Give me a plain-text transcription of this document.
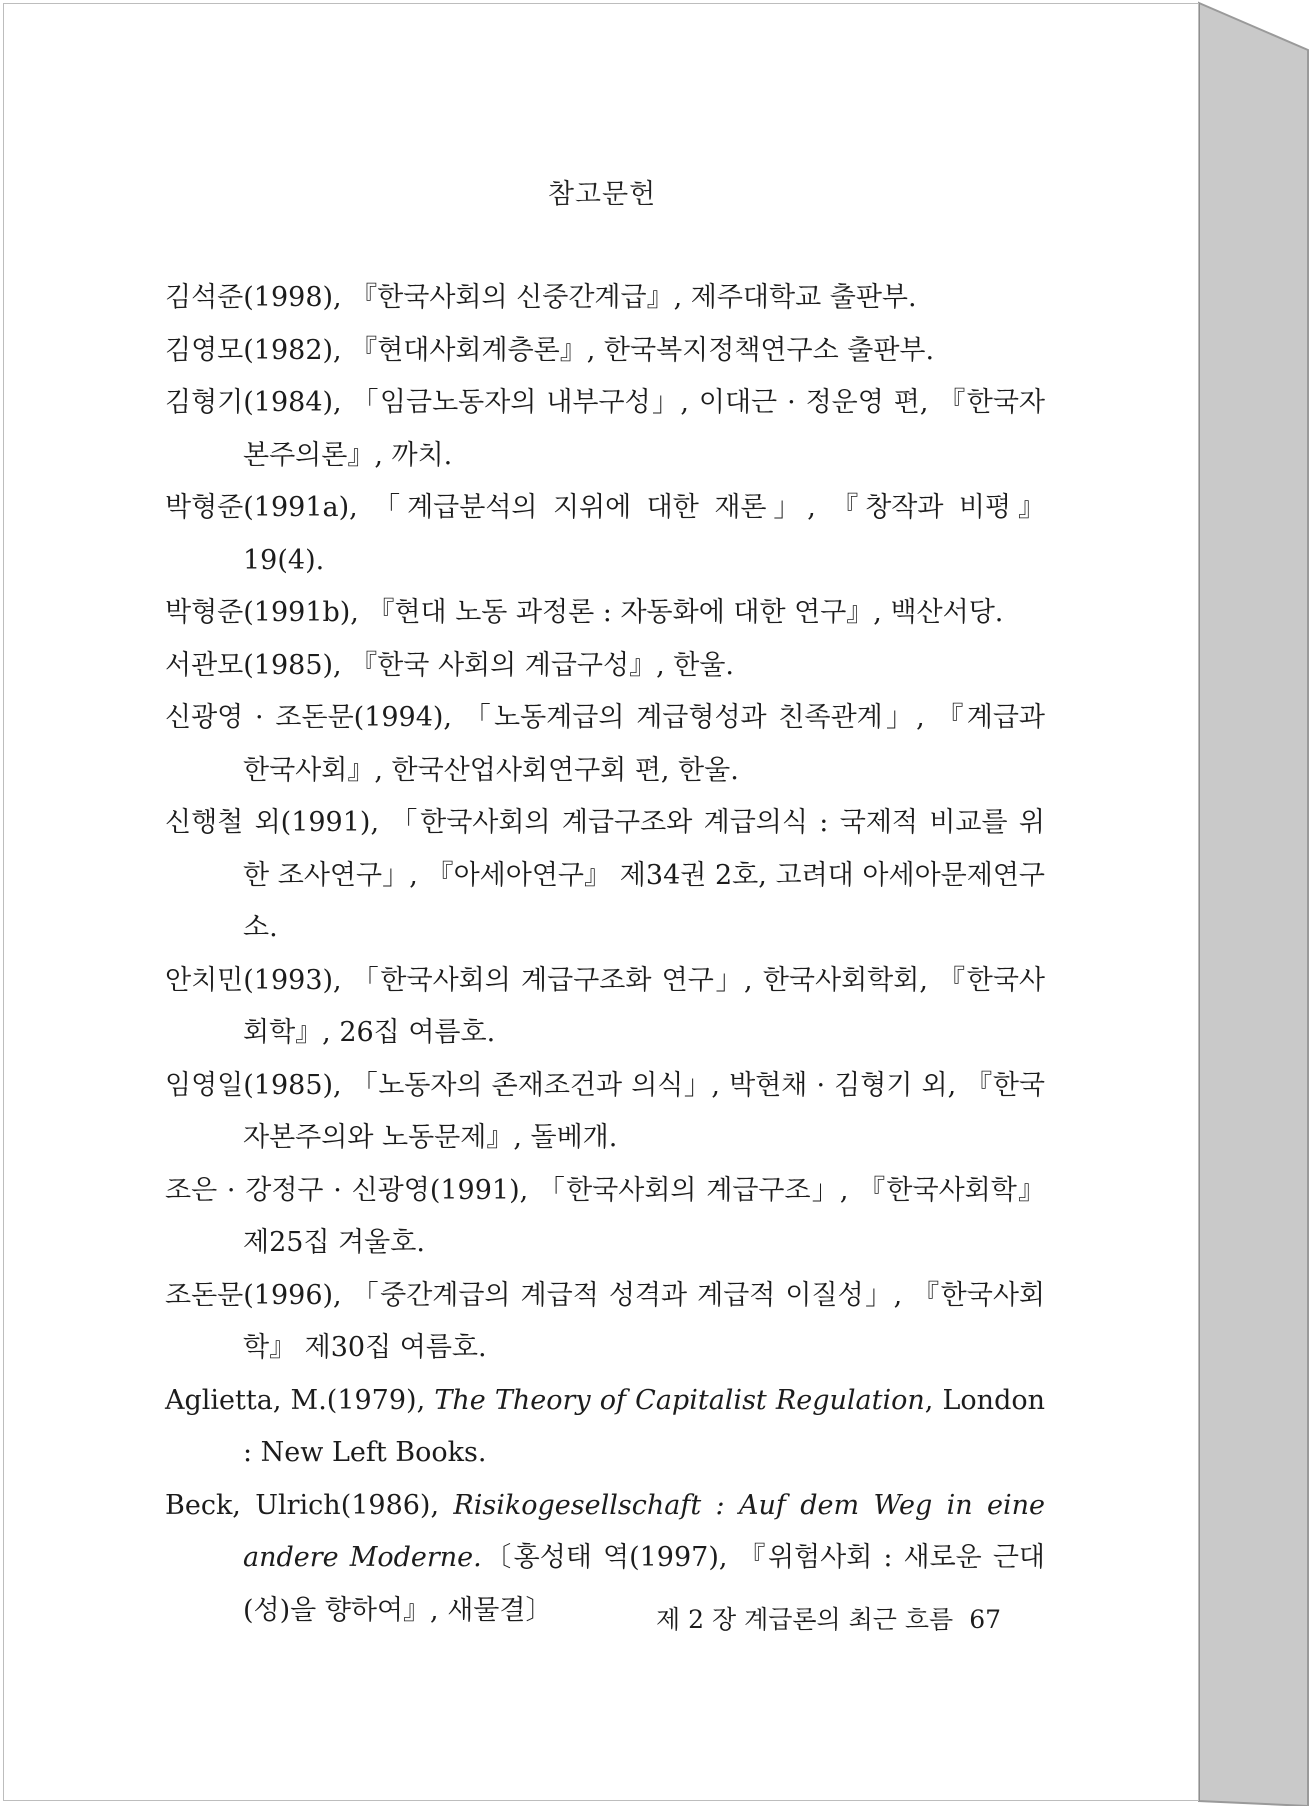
참고문헌
김석준(1998), 『한국사회의 신중간계급』, 제주대학교 출판부.
김영모(1982), 『현대사회계층론』, 한국복지정책연구소 출판부.
김형기(1984), 「임금노동자의 내부구성」, 이대근 · 정운영 편, 『한국자본주의론』, 까치.
박형준(1991a), 「계급분석의 지위에 대한 재론」, 『창작과 비평』 19(4).
박형준(1991b), 『현대 노동 과정론 : 자동화에 대한 연구』, 백산서당.
서관모(1985), 『한국 사회의 계급구성』, 한울.
신광영 · 조돈문(1994), 「노동계급의 계급형성과 친족관계」, 『계급과 한국사회』, 한국산업사회연구회 편, 한울.
신행철 외(1991), 「한국사회의 계급구조와 계급의식 : 국제적 비교를 위한 조사연구」, 『아세아연구』 제34권 2호, 고려대 아세아문제연구소.
안치민(1993), 「한국사회의 계급구조화 연구」, 한국사회학회, 『한국사회학』, 26집 여름호.
임영일(1985), 「노동자의 존재조건과 의식」, 박현채 · 김형기 외, 『한국자본주의와 노동문제』, 돌베개.
조은 · 강정구 · 신광영(1991), 「한국사회의 계급구조」, 『한국사회학』 제25집 겨울호.
조돈문(1996), 「중간계급의 계급적 성격과 계급적 이질성」, 『한국사회학』 제30집 여름호.
Aglietta, M.(1979), The Theory of Capitalist Regulation, London : New Left Books.
Beck, Ulrich(1986), Risikogesellschaft : Auf dem Weg in eine andere Moderne.〔홍성태 역(1997), 『위험사회 : 새로운 근대(성)을 향하여』, 새물결〕	제 2 장 계급론의 최근 흐름 67
